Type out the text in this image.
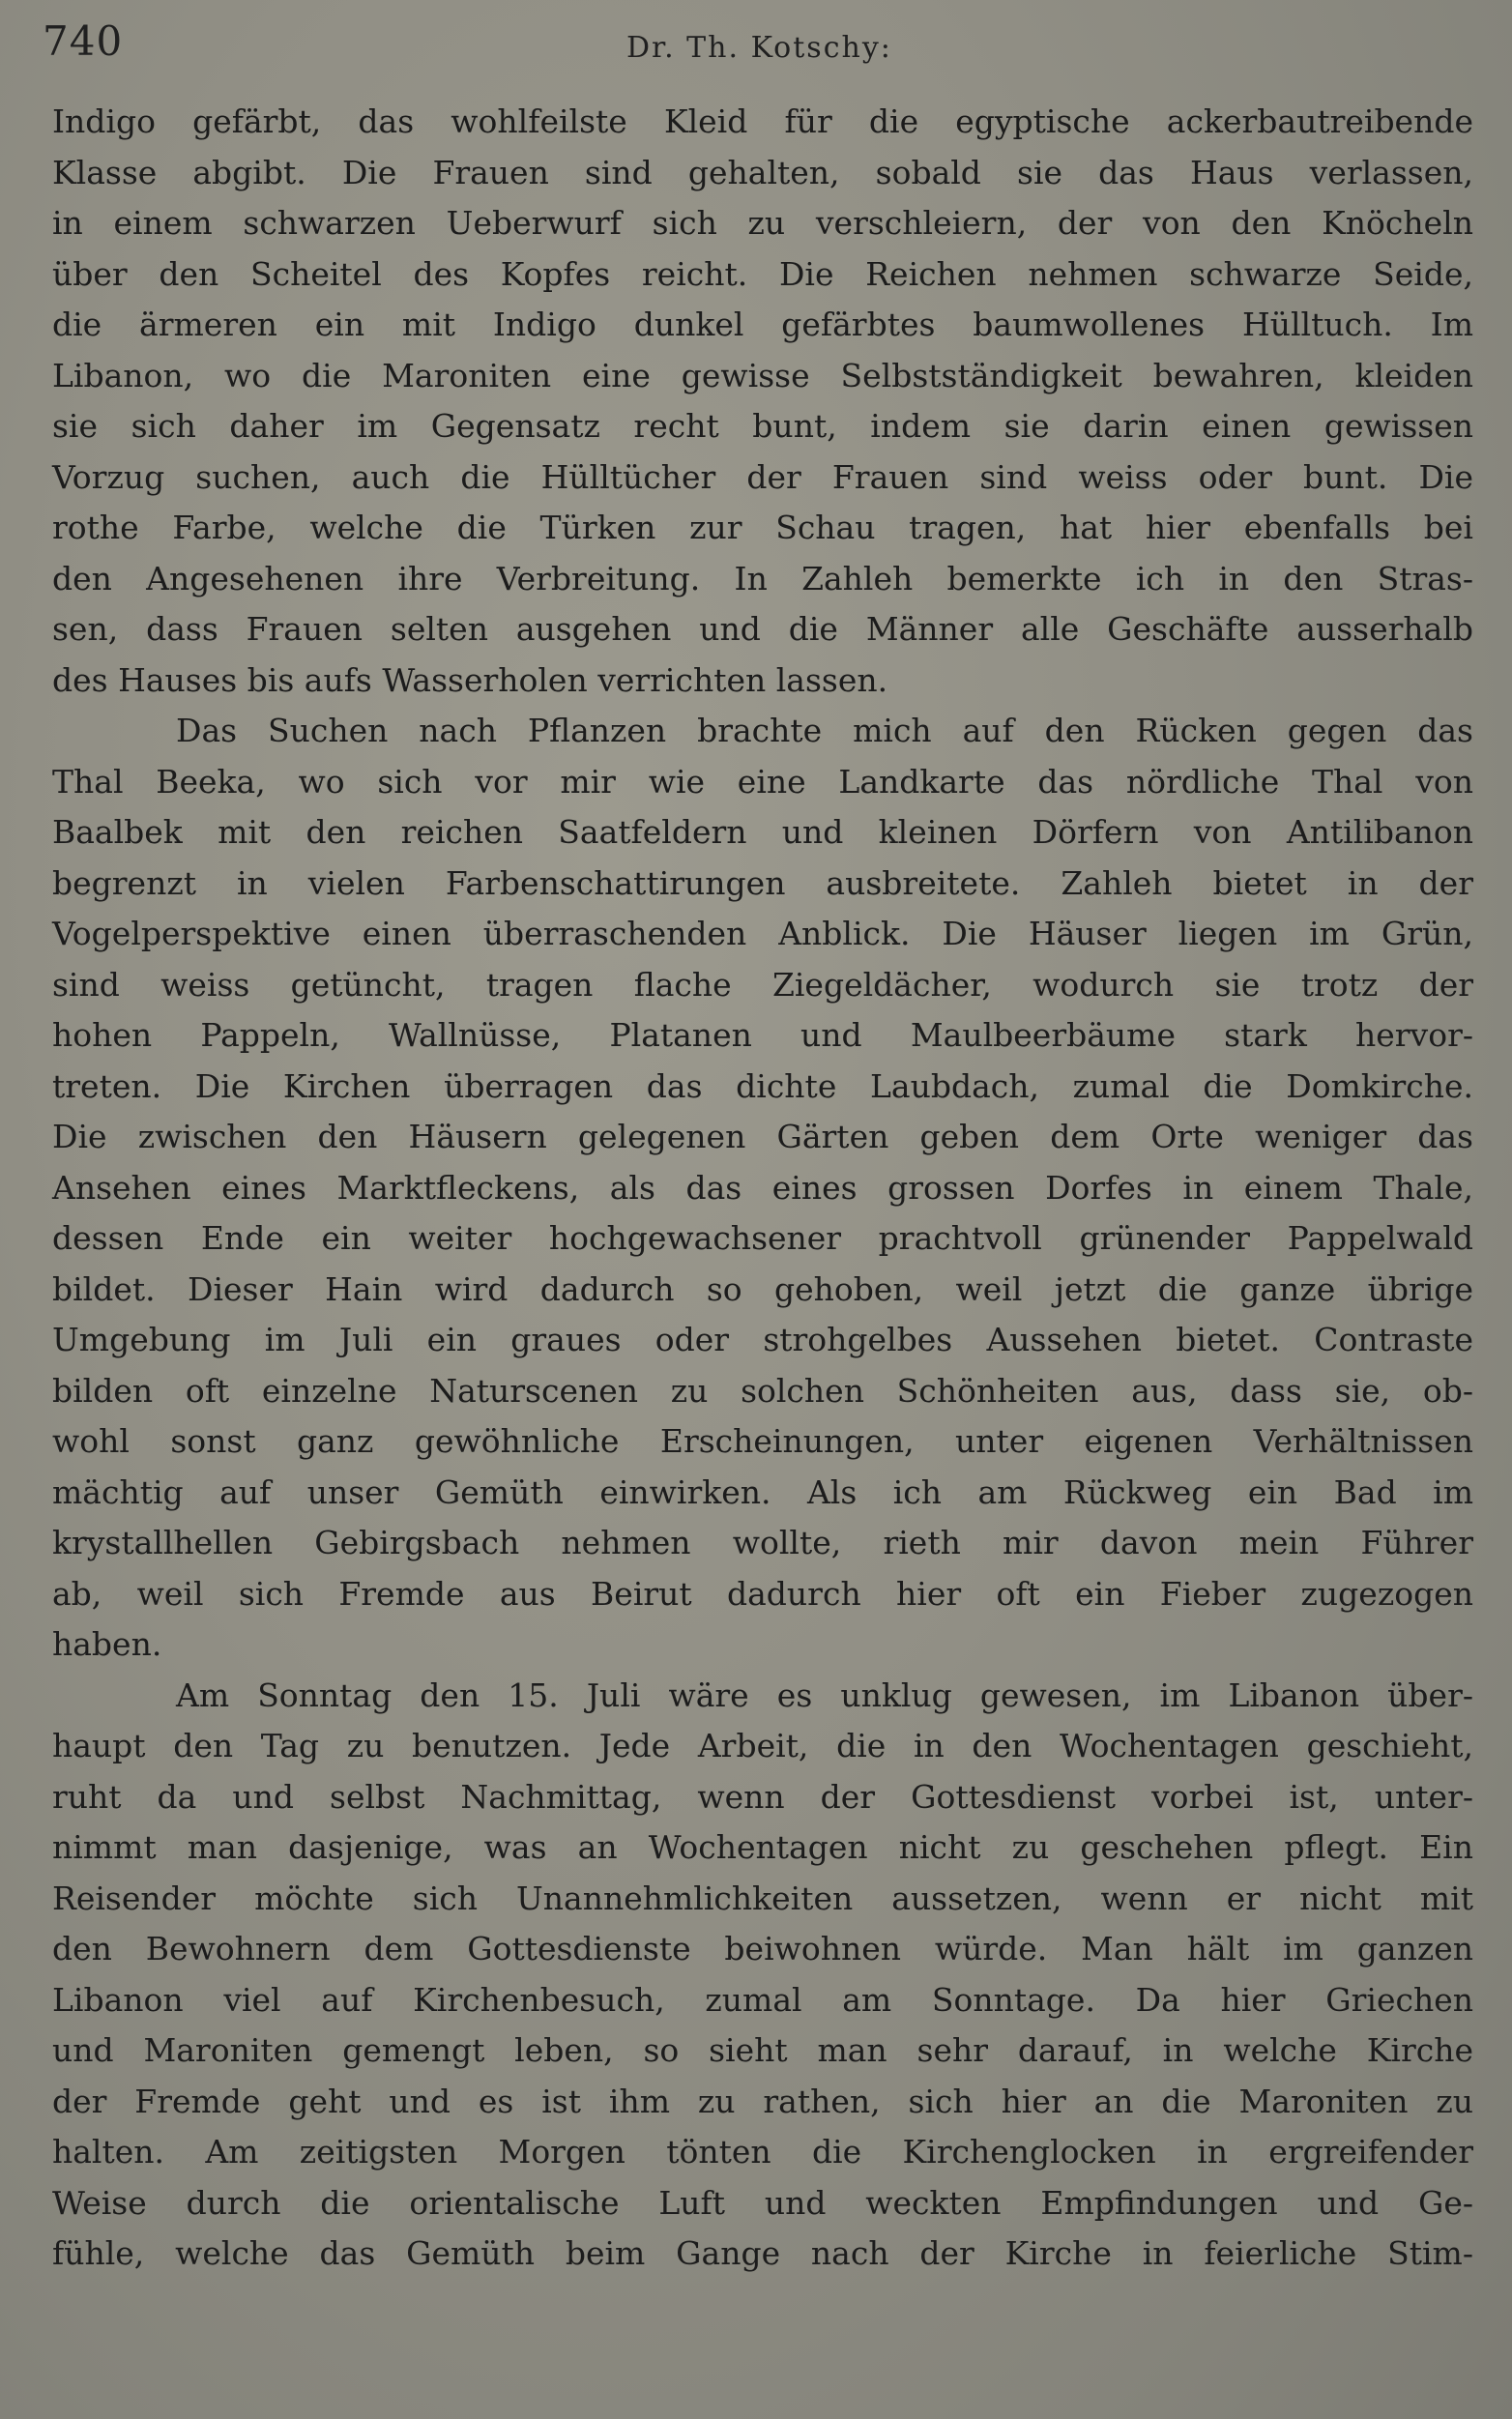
740	Dr. Th. Kotschy:

Indigo gefärbt, das wohlfeilste Kleid für die egyptische ackerbautreibende
Klasse abgibt. Die Frauen sind gehalten, sobald sie das Haus verlassen,
in einem schwarzen Ueberwurf sich zu verschleiern, der von den Knöcheln
über den Scheitel des Kopfes reicht. Die Reichen nehmen schwarze Seide,
die ärmeren ein mit Indigo dunkel gefärbtes baumwollenes Hülltuch. Im
Libanon, wo die Maroniten eine gewisse Selbstständigkeit bewahren, kleiden
sie sich daher im Gegensatz recht bunt, indem sie darin einen gewissen
Vorzug suchen, auch die Hülltücher der Frauen sind weiss oder bunt. Die
rothe Farbe, welche die Türken zur Schau tragen, hat hier ebenfalls bei
den Angesehenen ihre Verbreitung. In Zahleh bemerkte ich in den Stras-
sen, dass Frauen selten ausgehen und die Männer alle Geschäfte ausserhalb
des Hauses bis aufs Wasserholen verrichten lassen.

Das Suchen nach Pflanzen brachte mich auf den Rücken gegen das
Thal Beeka, wo sich vor mir wie eine Landkarte das nördliche Thal von
Baalbek mit den reichen Saatfeldern und kleinen Dörfern von Antilibanon
begrenzt in vielen Farbenschattirungen ausbreitete. Zahleh bietet in der
Vogelperspektive einen überraschenden Anblick. Die Häuser liegen im Grün,
sind weiss getüncht, tragen flache Ziegeldächer, wodurch sie trotz der
hohen Pappeln, Wallnüsse, Platanen und Maulbeerbäume stark hervor-
treten. Die Kirchen überragen das dichte Laubdach, zumal die Domkirche.
Die zwischen den Häusern gelegenen Gärten geben dem Orte weniger das
Ansehen eines Marktfleckens, als das eines grossen Dorfes in einem Thale,
dessen Ende ein weiter hochgewachsener prachtvoll grünender Pappelwald
bildet. Dieser Hain wird dadurch so gehoben, weil jetzt die ganze übrige
Umgebung im Juli ein graues oder strohgelbes Aussehen bietet. Contraste
bilden oft einzelne Naturscenen zu solchen Schönheiten aus, dass sie, ob-
wohl sonst ganz gewöhnliche Erscheinungen, unter eigenen Verhältnissen
mächtig auf unser Gemüth einwirken. Als ich am Rückweg ein Bad im
krystallhellen Gebirgsbach nehmen wollte, rieth mir davon mein Führer
ab, weil sich Fremde aus Beirut dadurch hier oft ein Fieber zugezogen
haben.

Am Sonntag den 15. Juli wäre es unklug gewesen, im Libanon über-
haupt den Tag zu benutzen. Jede Arbeit, die in den Wochentagen geschieht,
ruht da und selbst Nachmittag, wenn der Gottesdienst vorbei ist, unter-
nimmt man dasjenige, was an Wochentagen nicht zu geschehen pflegt. Ein
Reisender möchte sich Unannehmlichkeiten aussetzen, wenn er nicht mit
den Bewohnern dem Gottesdienste beiwohnen würde. Man hält im ganzen
Libanon viel auf Kirchenbesuch, zumal am Sonntage. Da hier Griechen
und Maroniten gemengt leben, so sieht man sehr darauf, in welche Kirche
der Fremde geht und es ist ihm zu rathen, sich hier an die Maroniten zu
halten. Am zeitigsten Morgen tönten die Kirchenglocken in ergreifender
Weise durch die orientalische Luft und weckten Empfindungen und Ge-
fühle, welche das Gemüth beim Gange nach der Kirche in feierliche Stim-
